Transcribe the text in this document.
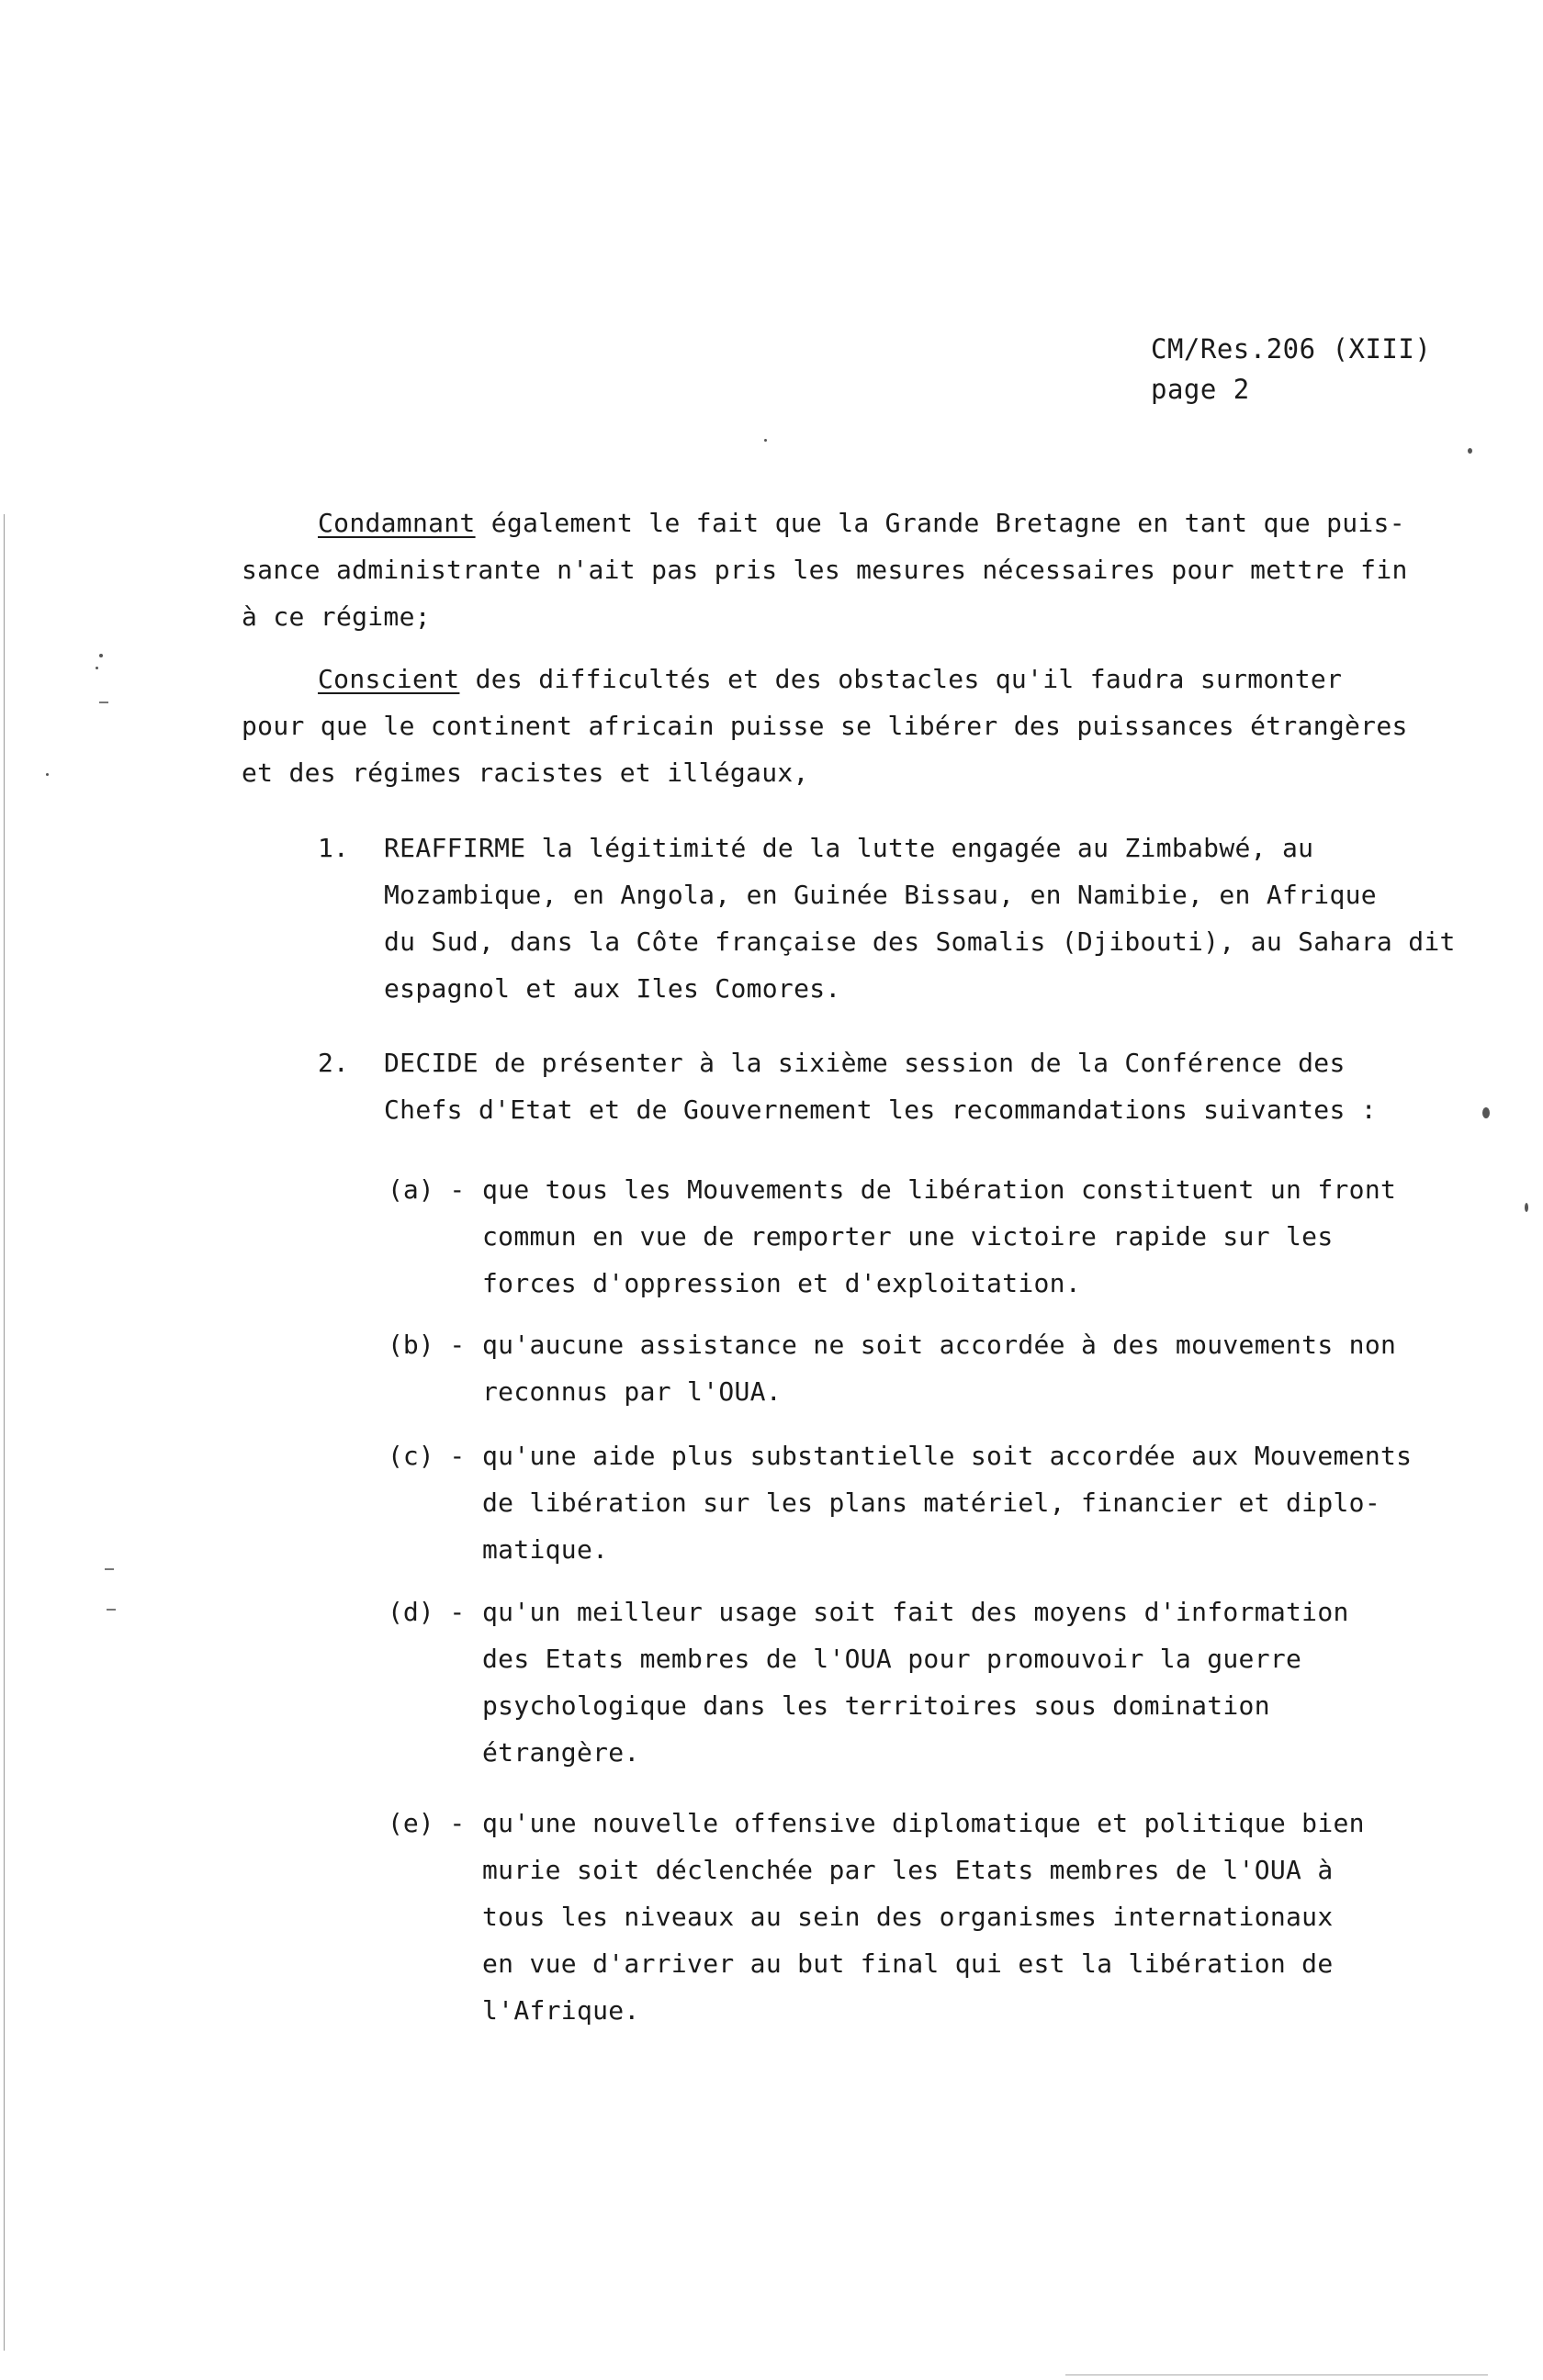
CM/Res.206 (XIII)
page 2
Condamnant également le fait que la Grande Bretagne en tant que puis-
sance administrante n'ait pas pris les mesures nécessaires pour mettre fin
à ce régime;
Conscient des difficultés et des obstacles qu'il faudra surmonter
pour que le continent africain puisse se libérer des puissances étrangères
et des régimes racistes et illégaux,
1. REAFFIRME la légitimité de la lutte engagée au Zimbabwé, au
Mozambique, en Angola, en Guinée Bissau, en Namibie, en Afrique
du Sud, dans la Côte française des Somalis (Djibouti), au Sahara dit
espagnol et aux Iles Comores.
2. DECIDE de présenter à la sixième session de la Conférence des
Chefs d'Etat et de Gouvernement les recommandations suivantes :
(a) - que tous les Mouvements de libération constituent un front
commun en vue de remporter une victoire rapide sur les
forces d'oppression et d'exploitation.
(b) - qu'aucune assistance ne soit accordée à des mouvements non
reconnus par l'OUA.
(c) - qu'une aide plus substantielle soit accordée aux Mouvements
de libération sur les plans matériel, financier et diplo-
matique.
(d) - qu'un meilleur usage soit fait des moyens d'information
des Etats membres de l'OUA pour promouvoir la guerre
psychologique dans les territoires sous domination
étrangère.
(e) - qu'une nouvelle offensive diplomatique et politique bien
murie soit déclenchée par les Etats membres de l'OUA à
tous les niveaux au sein des organismes internationaux
en vue d'arriver au but final qui est la libération de
l'Afrique.
